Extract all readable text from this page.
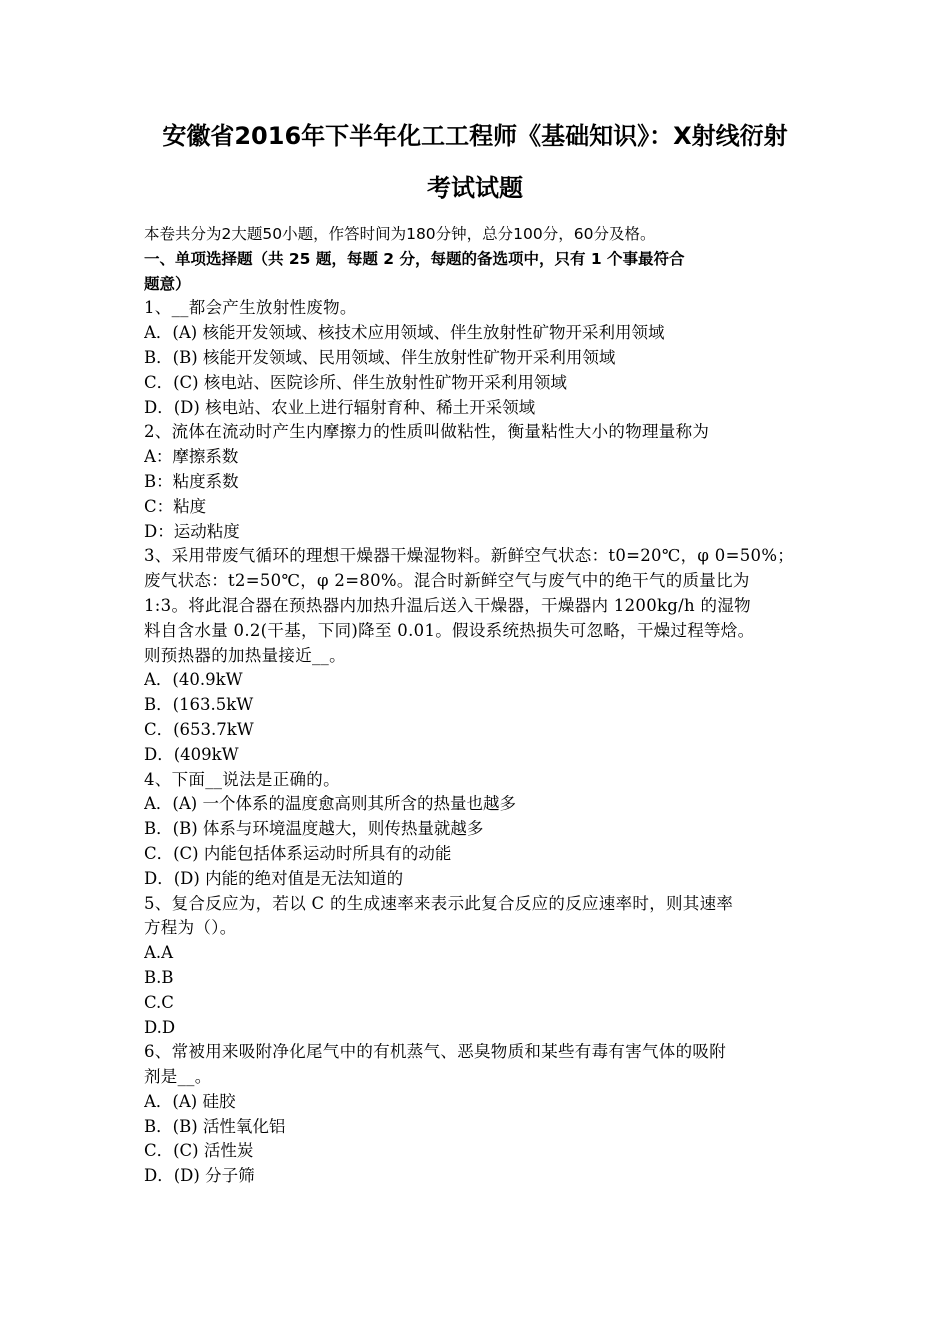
安徽省2016年下半年化工工程师《基础知识》：X射线衍射
考试试题
本卷共分为2大题50小题，作答时间为180分钟，总分100分，60分及格。
一、单项选择题（共 25 题，每题 2 分，每题的备选项中，只有 1 个事最符合
题意）
1、__都会产生放射性废物。
A．(A) 核能开发领域、核技术应用领域、伴生放射性矿物开采利用领域
B．(B) 核能开发领域、民用领域、伴生放射性矿物开采利用领域
C．(C) 核电站、医院诊所、伴生放射性矿物开采利用领域
D．(D) 核电站、农业上进行辐射育种、稀土开采领域
2、流体在流动时产生内摩擦力的性质叫做粘性，衡量粘性大小的物理量称为
A：摩擦系数
B：粘度系数
C：粘度
D：运动粘度
3、采用带废气循环的理想干燥器干燥湿物料。新鲜空气状态：t0=20℃，φ 0=50%；
废气状态：t2=50℃，φ 2=80%。混合时新鲜空气与废气中的绝干气的质量比为
1:3。将此混合器在预热器内加热升温后送入干燥器，干燥器内 1200kg/h 的湿物
料自含水量 0.2(干基，下同)降至 0.01。假设系统热损失可忽略，干燥过程等焓。
则预热器的加热量接近__。
A．(40.9kW
B．(163.5kW
C．(653.7kW
D．(409kW
4、下面__说法是正确的。
A．(A) 一个体系的温度愈高则其所含的热量也越多
B．(B) 体系与环境温度越大，则传热量就越多
C．(C) 内能包括体系运动时所具有的动能
D．(D) 内能的绝对值是无法知道的
5、复合反应为，若以 C 的生成速率来表示此复合反应的反应速率时，则其速率
方程为（）。
A.A
B.B
C.C
D.D
6、常被用来吸附净化尾气中的有机蒸气、恶臭物质和某些有毒有害气体的吸附
剂是__。
A．(A) 硅胶
B．(B) 活性氧化铝
C．(C) 活性炭
D．(D) 分子筛
